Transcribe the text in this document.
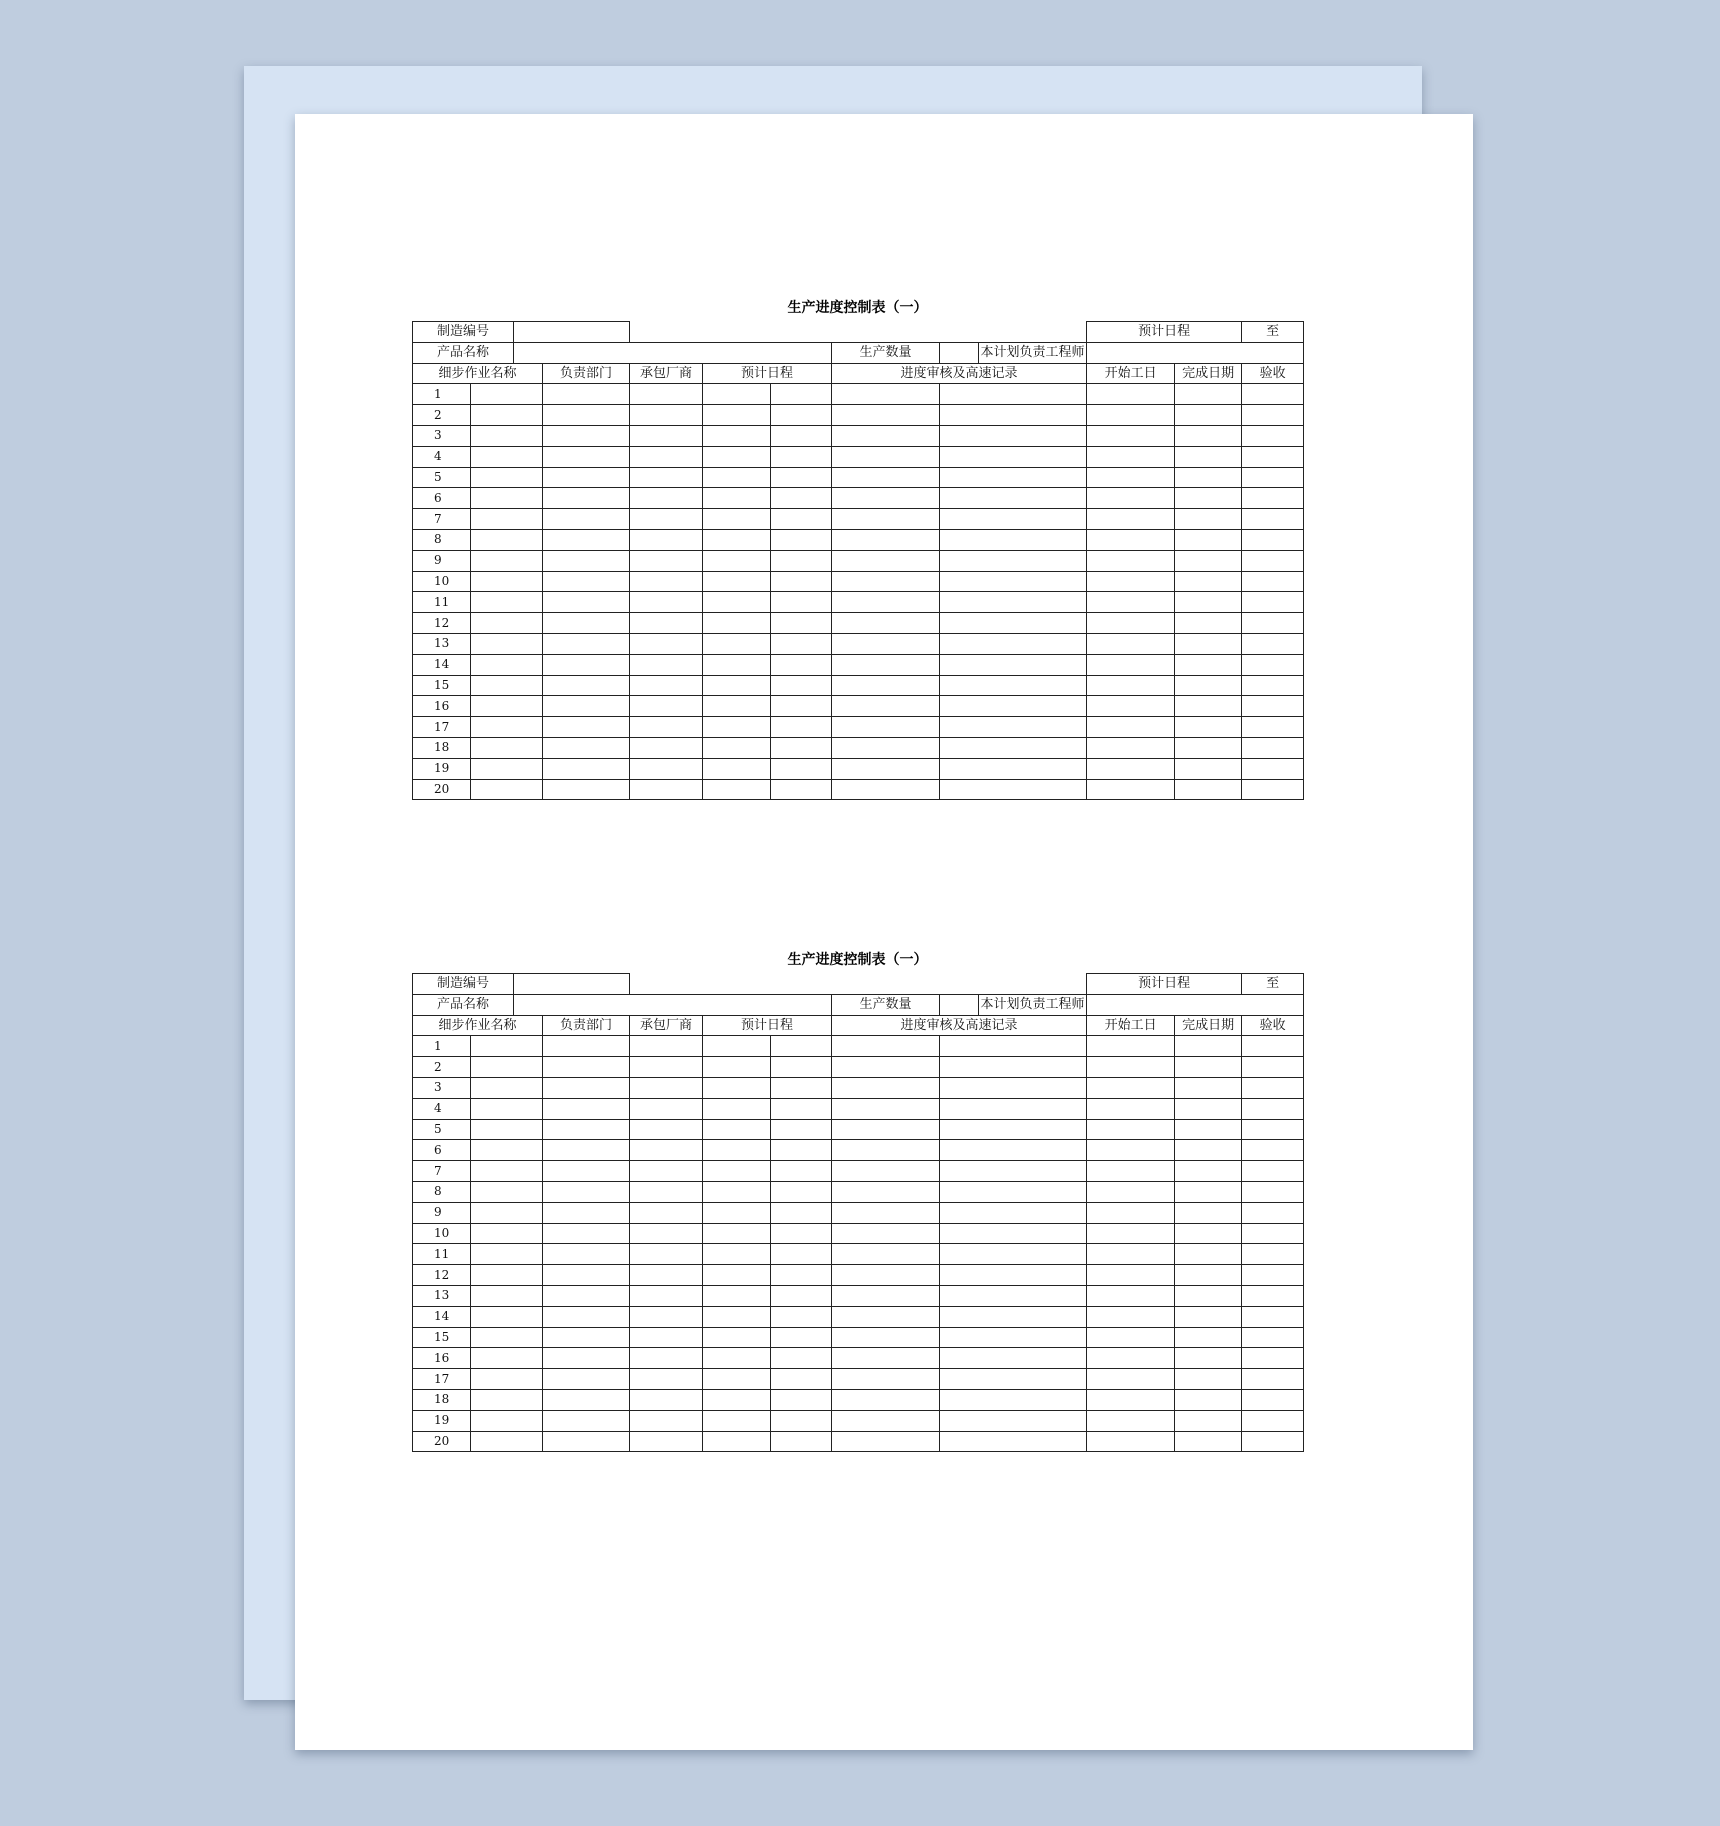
生产进度控制表（一）
制造编号										预计日程		至
产品名称							生产数量		本计划负责工程师			
细步作业名称			负责部门	承包厂商	预计日程		进度审核及高速记录			开始工日	完成日期	验收
1												
2												
3												
4												
5												
6												
7												
8												
9												
10												
11												
12												
13												
14												
15												
16												
17												
18												
19												
20												
生产进度控制表（一）
制造编号										预计日程		至
产品名称							生产数量		本计划负责工程师			
细步作业名称			负责部门	承包厂商	预计日程		进度审核及高速记录			开始工日	完成日期	验收
1												
2												
3												
4												
5												
6												
7												
8												
9												
10												
11												
12												
13												
14												
15												
16												
17												
18												
19												
20												
